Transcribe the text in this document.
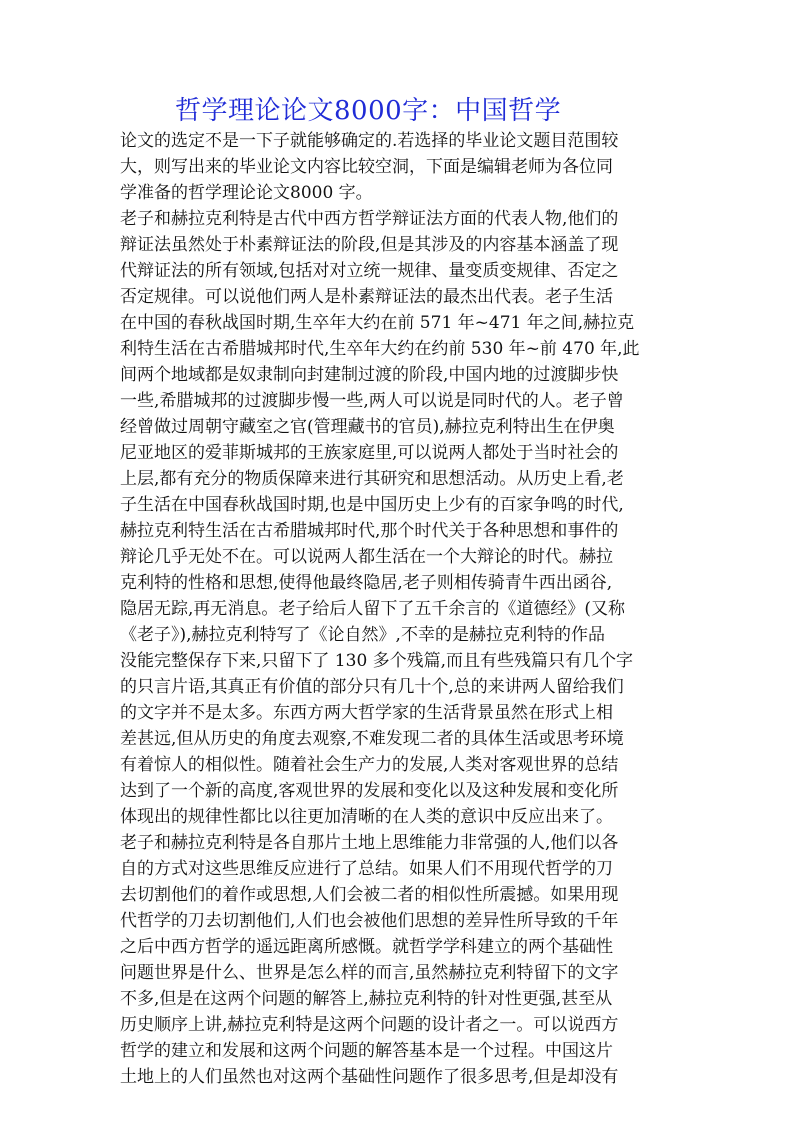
哲学理论论文8000字：中国哲学
论文的选定不是一下子就能够确定的.若选择的毕业论文题目范围较
大，则写出来的毕业论文内容比较空洞，下面是编辑老师为各位同
学准备的哲学理论论文8000 字。
老子和赫拉克利特是古代中西方哲学辩证法方面的代表人物,他们的
辩证法虽然处于朴素辩证法的阶段,但是其涉及的内容基本涵盖了现
代辩证法的所有领域,包括对对立统一规律、量变质变规律、否定之
否定规律。可以说他们两人是朴素辩证法的最杰出代表。老子生活
在中国的春秋战国时期,生卒年大约在前 571 年~471 年之间,赫拉克
利特生活在古希腊城邦时代,生卒年大约在约前 530 年~前 470 年,此
间两个地域都是奴隶制向封建制过渡的阶段,中国内地的过渡脚步快
一些,希腊城邦的过渡脚步慢一些,两人可以说是同时代的人。老子曾
经曾做过周朝守藏室之官(管理藏书的官员),赫拉克利特出生在伊奥
尼亚地区的爱菲斯城邦的王族家庭里,可以说两人都处于当时社会的
上层,都有充分的物质保障来进行其研究和思想活动。从历史上看,老
子生活在中国春秋战国时期,也是中国历史上少有的百家争鸣的时代,
赫拉克利特生活在古希腊城邦时代,那个时代关于各种思想和事件的
辩论几乎无处不在。可以说两人都生活在一个大辩论的时代。赫拉
克利特的性格和思想,使得他最终隐居,老子则相传骑青牛西出函谷,
隐居无踪,再无消息。老子给后人留下了五千余言的《道德经》(又称
《老子》),赫拉克利特写了《论自然》,不幸的是赫拉克利特的作品
没能完整保存下来,只留下了 130 多个残篇,而且有些残篇只有几个字
的只言片语,其真正有价值的部分只有几十个,总的来讲两人留给我们
的文字并不是太多。东西方两大哲学家的生活背景虽然在形式上相
差甚远,但从历史的角度去观察,不难发现二者的具体生活或思考环境
有着惊人的相似性。随着社会生产力的发展,人类对客观世界的总结
达到了一个新的高度,客观世界的发展和变化以及这种发展和变化所
体现出的规律性都比以往更加清晰的在人类的意识中反应出来了。
老子和赫拉克利特是各自那片土地上思维能力非常强的人,他们以各
自的方式对这些思维反应进行了总结。如果人们不用现代哲学的刀
去切割他们的着作或思想,人们会被二者的相似性所震撼。如果用现
代哲学的刀去切割他们,人们也会被他们思想的差异性所导致的千年
之后中西方哲学的遥远距离所感慨。就哲学学科建立的两个基础性
问题世界是什么、世界是怎么样的而言,虽然赫拉克利特留下的文字
不多,但是在这两个问题的解答上,赫拉克利特的针对性更强,甚至从
历史顺序上讲,赫拉克利特是这两个问题的设计者之一。可以说西方
哲学的建立和发展和这两个问题的解答基本是一个过程。中国这片
土地上的人们虽然也对这两个基础性问题作了很多思考,但是却没有
